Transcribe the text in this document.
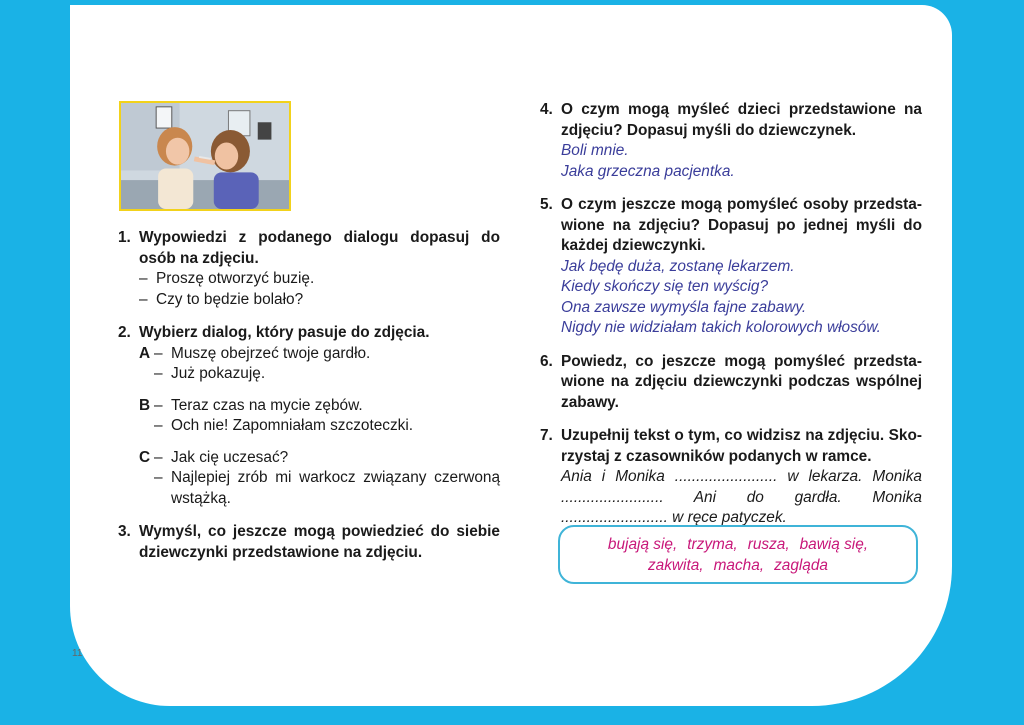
1. Wypowiedzi z podanego dialogu dopasuj do osób na zdjęciu.
– Proszę otworzyć buzię.
– Czy to będzie bolało?
2. Wybierz dialog, który pasuje do zdjęcia.
A – Muszę obejrzeć twoje gardło.
– Już pokazuję.
B – Teraz czas na mycie zębów.
– Och nie! Zapomniałam szczoteczki.
C – Jak cię uczesać?
– Najlepiej zrób mi warkocz związany czerwoną wstążką.
3. Wymyśl, co jeszcze mogą powiedzieć do siebie dziewczynki przedstawione na zdjęciu.
4. O czym mogą myśleć dzieci przedstawione na zdjęciu? Dopasuj myśli do dziewczynek.
Boli mnie.
Jaka grzeczna pacjentka.
5. O czym jeszcze mogą pomyśleć osoby przedstawione na zdjęciu? Dopasuj po jednej myśli do każdej dziewczynki.
Jak będę duża, zostanę lekarzem.
Kiedy skończy się ten wyścig?
Ona zawsze wymyśla fajne zabawy.
Nigdy nie widziałam takich kolorowych włosów.
6. Powiedz, co jeszcze mogą pomyśleć przedstawione na zdjęciu dziewczynki podczas wspólnej zabawy.
7. Uzupełnij tekst o tym, co widzisz na zdjęciu. Skorzystaj z czasowników podanych w ramce.
Ania i Monika ........................ w lekarza. Monika ........................ Ani do gardła. Monika ......................... w ręce patyczek.
bujają się, trzyma, rusza, bawią się,
zakwita, macha, zagląda
11
